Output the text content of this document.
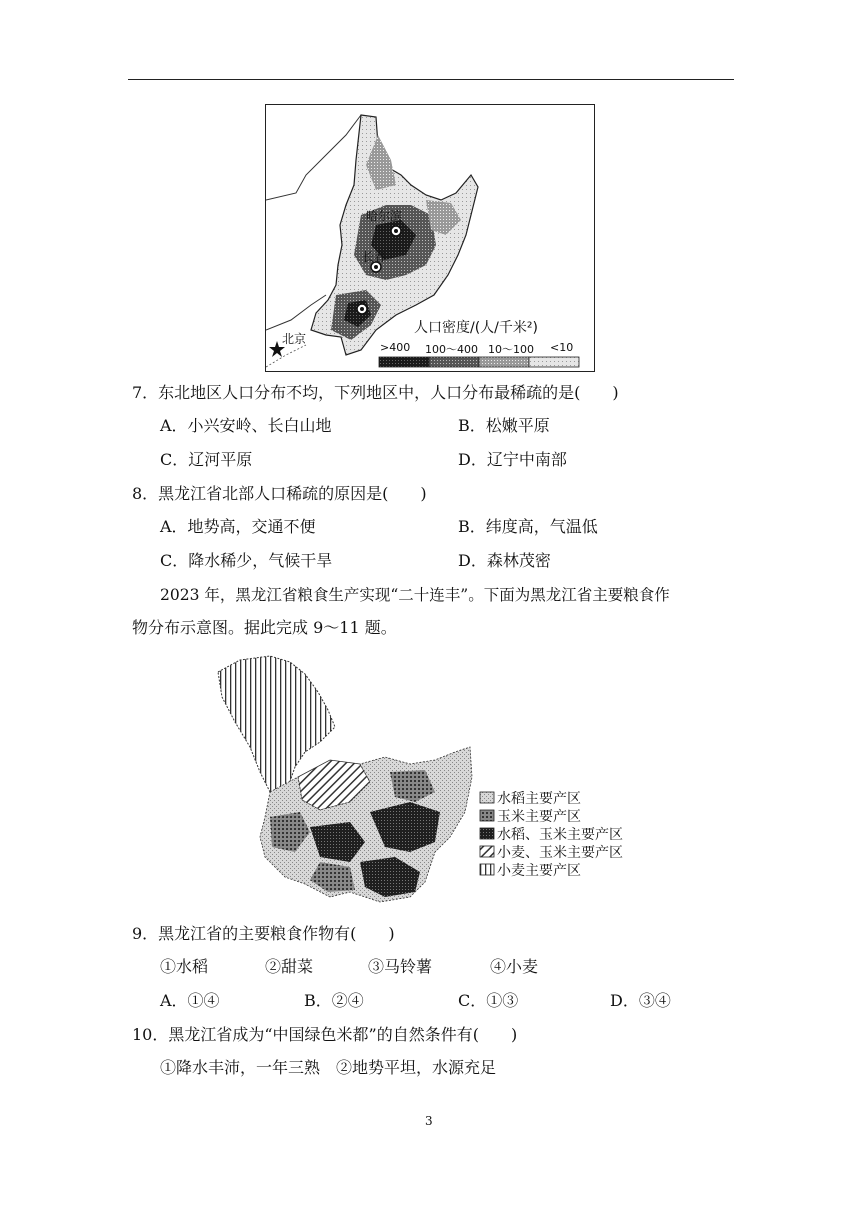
哈尔滨
长春
北京
人口密度/(人/千米²)
>400 100～400 10～100 <10
7．东北地区人口分布不均，下列地区中，人口分布最稀疏的是(　　)
A．小兴安岭、长白山地	B．松嫩平原
C．辽河平原	D．辽宁中南部
8．黑龙江省北部人口稀疏的原因是(　　)
A．地势高，交通不便	B．纬度高，气温低
C．降水稀少，气候干旱	D．森林茂密
2023 年，黑龙江省粮食生产实现“二十连丰”。下面为黑龙江省主要粮食作
物分布示意图。据此完成 9～11 题。
水稻主要产区
玉米主要产区
水稻、玉米主要产区
小麦、玉米主要产区
小麦主要产区
9．黑龙江省的主要粮食作物有(　　)
①水稻	②甜菜	③马铃薯	④小麦
A．①④	B．②④	C．①③	D．③④
10．黑龙江省成为“中国绿色米都”的自然条件有(　　)
①降水丰沛，一年三熟　②地势平坦，水源充足
3
